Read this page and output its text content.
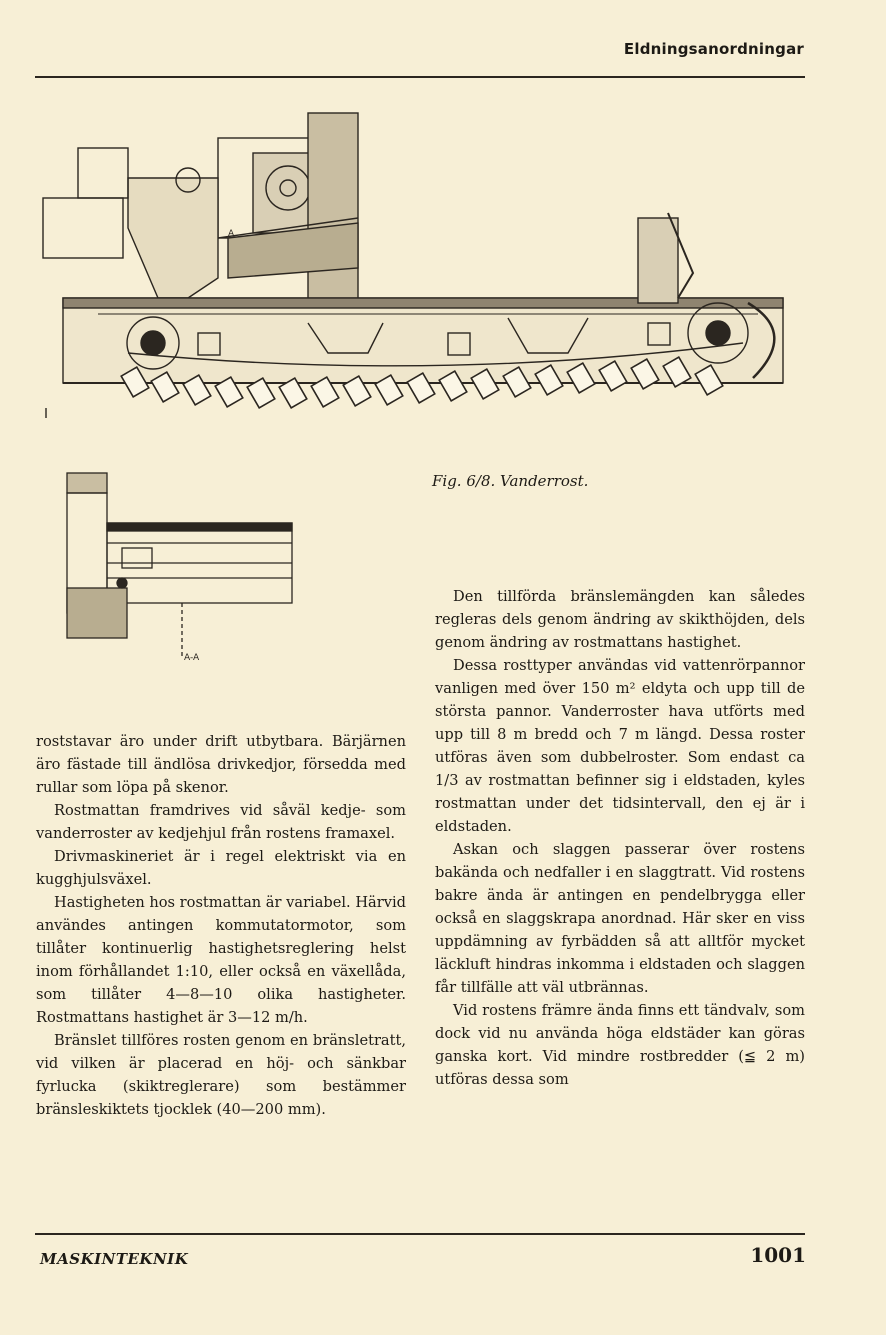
Eldningsanordningar
A
A-A
Fig. 6/8. Vanderrost.

roststavar äro under drift utbytbara. Bärjärnen äro fästade till ändlösa drivkedjor, försedda med rullar som löpa på skenor.

Rostmattan framdrives vid såväl kedje- som vanderroster av kedjehjul från rostens framaxel.

Drivmaskineriet är i regel elektriskt via en kugghjulsväxel.

Hastigheten hos rostmattan är variabel. Härvid användes antingen kommutatormotor, som tillåter kontinuerlig hastighetsreglering helst inom förhållandet 1:10, eller också en växellåda, som tillåter 4—8—10 olika hastigheter. Rostmattans hastighet är 3—12 m/h.

Bränslet tillföres rosten genom en bränsletratt, vid vilken är placerad en höj- och sänkbar fyrlucka (skiktreglerare) som bestämmer bränsleskiktets tjocklek (40—200 mm).

Den tillförda bränslemängden kan således regleras dels genom ändring av skikthöjden, dels genom ändring av rostmattans hastighet.

Dessa rosttyper användas vid vattenrörpannor vanligen med över 150 m² eldyta och upp till de största pannor. Vanderroster hava utförts med upp till 8 m bredd och 7 m längd. Dessa roster utföras även som dubbelroster. Som endast ca 1/3 av rostmattan befinner sig i eldstaden, kyles rostmattan under det tidsintervall, den ej är i eldstaden.

Askan och slaggen passerar över rostens bakända och nedfaller i en slaggtratt. Vid rostens bakre ända är antingen en pendelbrygga eller också en slaggskrapa anordnad. Här sker en viss uppdämning av fyrbädden så att alltför mycket läckluft hindras inkomma i eldstaden och slaggen får tillfälle att väl utbrännas.

Vid rostens främre ända finns ett tändvalv, som dock vid nu använda höga eldstäder kan göras ganska kort. Vid mindre rostbredder (≦ 2 m) utföras dessa som

MASKINTEKNIK	1001
